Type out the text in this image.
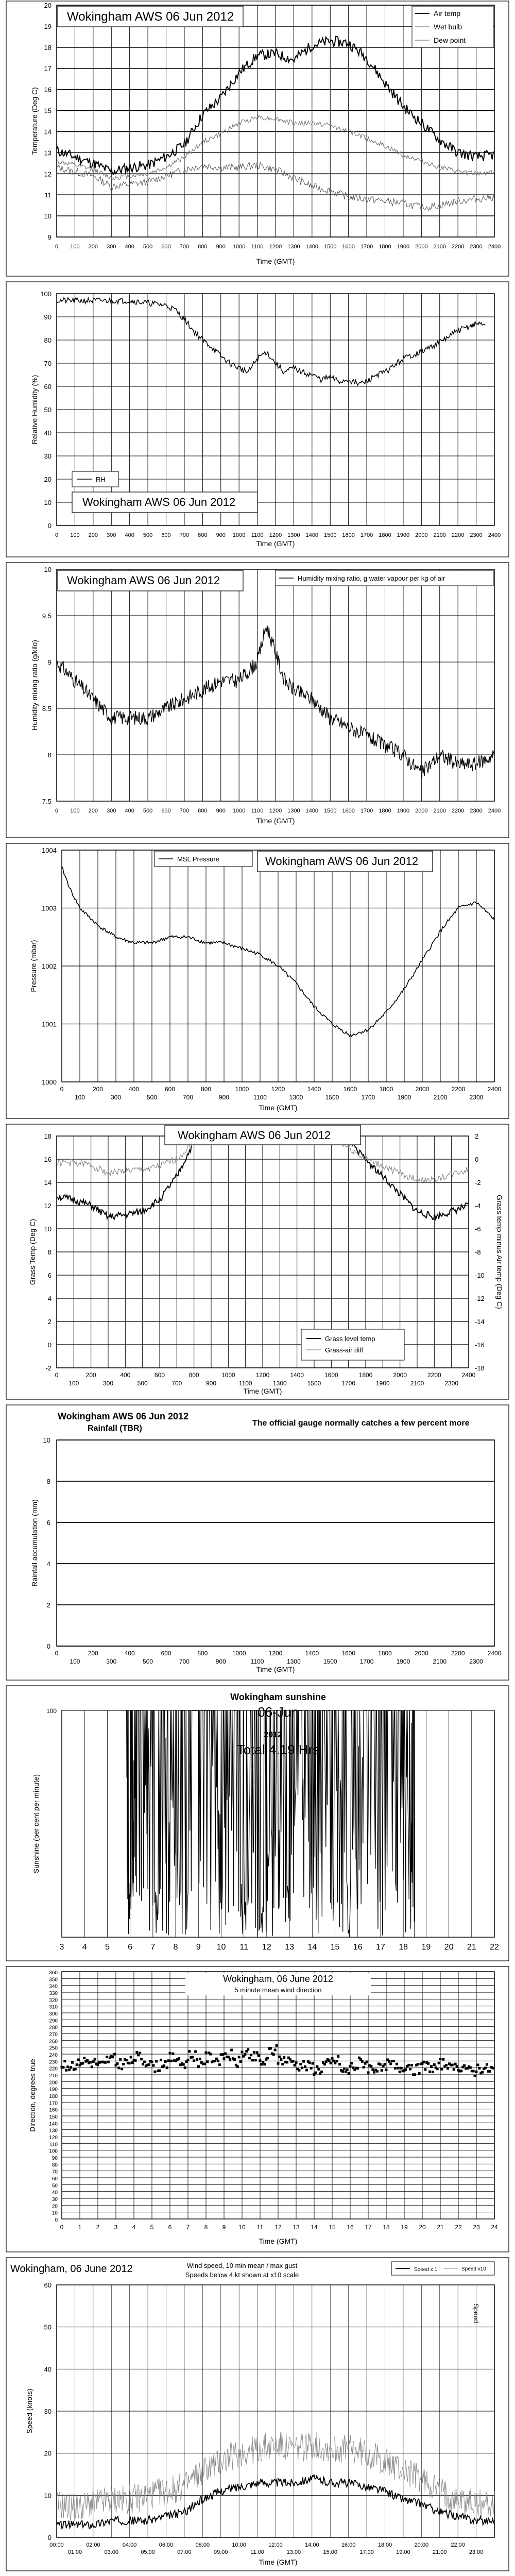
9
10
11
12
13
14
15
16
17
18
19
20
0 100 200 300 400 500 600 700 800 900 1000 1100 1200 1300 1400 1500 1600 1700 1800 1900 2000 2100 2200 2300 2400
Wokingham AWS 06 Jun 2012	Air temp
Wet bulb
Dew point
Time (GMT)
Temperature (Deg C)
0
10
20
30
40
50
60
70
80
90
100
0 100 200 300 400 500 600 700 800 900 1000 1100 1200 1300 1400 1500 1600 1700 1800 1900 2000 2100 2200 2300 2400
RH
Wokingham AWS 06 Jun 2012
Time (GMT)
Relative Humidity (%)
7.5
8
8.5
9
9.5
10
0 100 200 300 400 500 600 700 800 900 1000 1100 1200 1300 1400 1500 1600 1700 1800 1900 2000 2100 2200 2300 2400
Wokingham AWS 06 Jun 2012	Humidity mixing ratio, g water vapour per kg of air
Time (GMT)
Humidity mixing ratio (g/kilo)
1000
1001
1002
1003
1004
0	200	400	600	800	1000	1200	1400	1600	1800	2000	2200	2400
100	300	500	700	900	1100	1300	1500	1700	1900	2100	2300
MSL Pressure	Wokingham AWS 06 Jun 2012
Time (GMT)
Pressure (mbar)
-2
0
2
4
6
8
10
12
14
16
18
-18
-16
-14
-12
-10
-8
-6
-4
-2
0
2
0	200	400	600	800	1000	1200	1400	1600	1800	2000	2200	2400
100	300	500	700	900	1100	1300	1500	1700	1900	2100	2300
Wokingham AWS 06 Jun 2012
Grass level temp
Grass-air diff
Time (GMT)
Grass Temp (Deg C)	Grass temp minus Air temp (Deg C)
0
2
4
6
8
10
0	200	400	600	800	1000	1200	1400	1600	1800	2000	2200	2400
100	300	500	700	900	1100	1300	1500	1700	1900	2100	2300
Wokingham AWS 06 Jun 2012
Rainfall (TBR)
The official gauge normally catches a few percent more
Time (GMT)
Rainfall accumulation (mm)
100
3 4 5 6 7 8 9 10 11 12 13 14 15 16 17 18 19 20 21 22
Wokingham sunshine
06-Jun
2012
Total 4.19 Hrs
Sunshine (per cent per minute)
0
10
20
30
40
50
60
70
80
90
100
110
120
130
140
150
160
170
180
190
200
210
220
230
240
250
260
270
280
290
300
310
320
330
340
350
360
0 1 2 3 4 5 6 7 8 9 10 11 12 13 14 15 16 17 18 19 20 21 22 23 24
Wokingham, 06 June 2012
5 minute mean wind direction
Time (GMT)
Direction, degrees true
0
10
20
30
40
50
60
00:00	02:00	04:00	06:00	08:00	10:00	12:00	14:00	16:00	18:00	20:00	22:00
01:00	03:00	05:00	07:00	09:00	11:00	13:00	15:00	17:00	19:00	21:00	23:00
Wokingham, 06 June 2012	Wind speed, 10 min mean / max gust
Speeds below 4 kt shown at x10 scale
Speed x 1	Speed x10
Time (GMT)
Speed (knots)
Speed
